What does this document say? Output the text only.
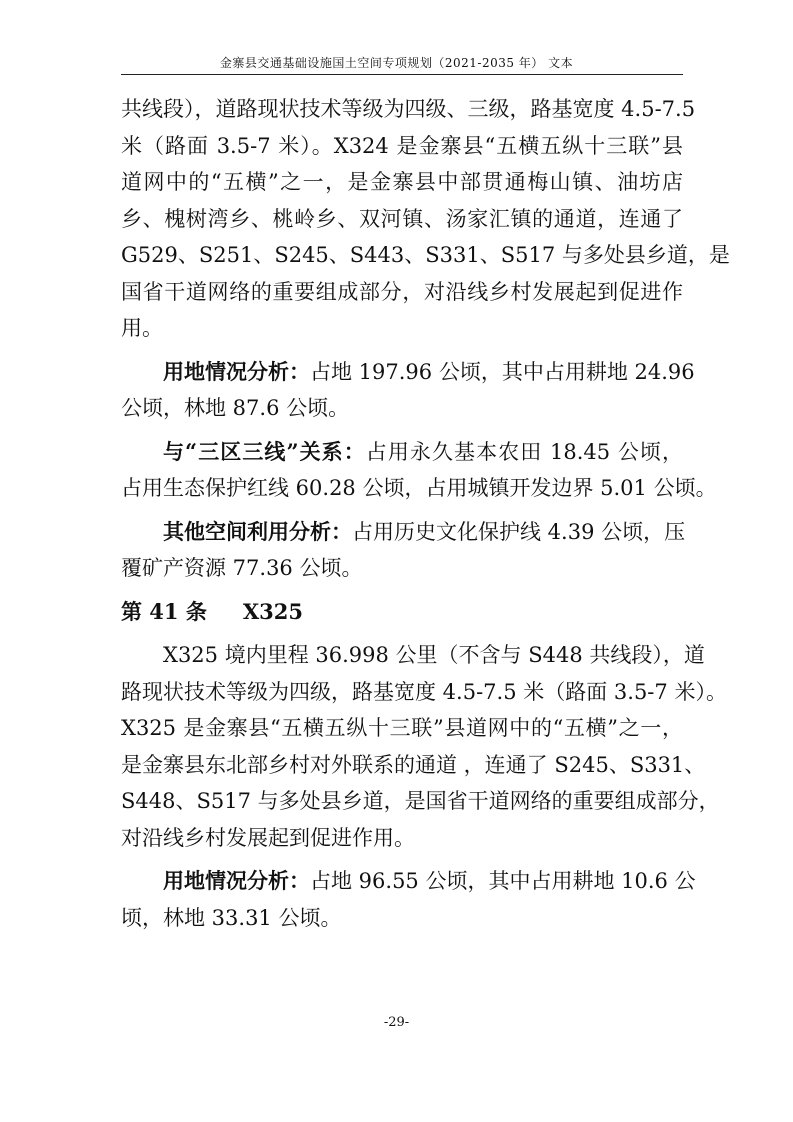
金寨县交通基础设施国土空间专项规划（2021-2035 年） 文本
共线段），道路现状技术等级为四级、三级，路基宽度 4.5-7.5
米（路面 3.5-7 米）。X324 是金寨县“五横五纵十三联”县
道网中的“五横”之一，是金寨县中部贯通梅山镇、油坊店
乡、槐树湾乡、桃岭乡、双河镇、汤家汇镇的通道，连通了
G529、S251、S245、S443、S331、S517 与多处县乡道，是
国省干道网络的重要组成部分，对沿线乡村发展起到促进作
用。
用地情况分析：占地 197.96 公顷，其中占用耕地 24.96
公顷，林地 87.6 公顷。
与“三区三线”关系：占用永久基本农田 18.45 公顷，
占用生态保护红线 60.28 公顷，占用城镇开发边界 5.01 公顷。
其他空间利用分析：占用历史文化保护线 4.39 公顷，压
覆矿产资源 77.36 公顷。
第 41 条 X325
X325 境内里程 36.998 公里（不含与 S448 共线段），道
路现状技术等级为四级，路基宽度 4.5-7.5 米（路面 3.5-7 米）。
X325 是金寨县“五横五纵十三联”县道网中的“五横”之一，
是金寨县东北部乡村对外联系的通道 ，连通了 S245、S331、
S448、S517 与多处县乡道，是国省干道网络的重要组成部分，
对沿线乡村发展起到促进作用。
用地情况分析：占地 96.55 公顷，其中占用耕地 10.6 公
顷，林地 33.31 公顷。
-29-
